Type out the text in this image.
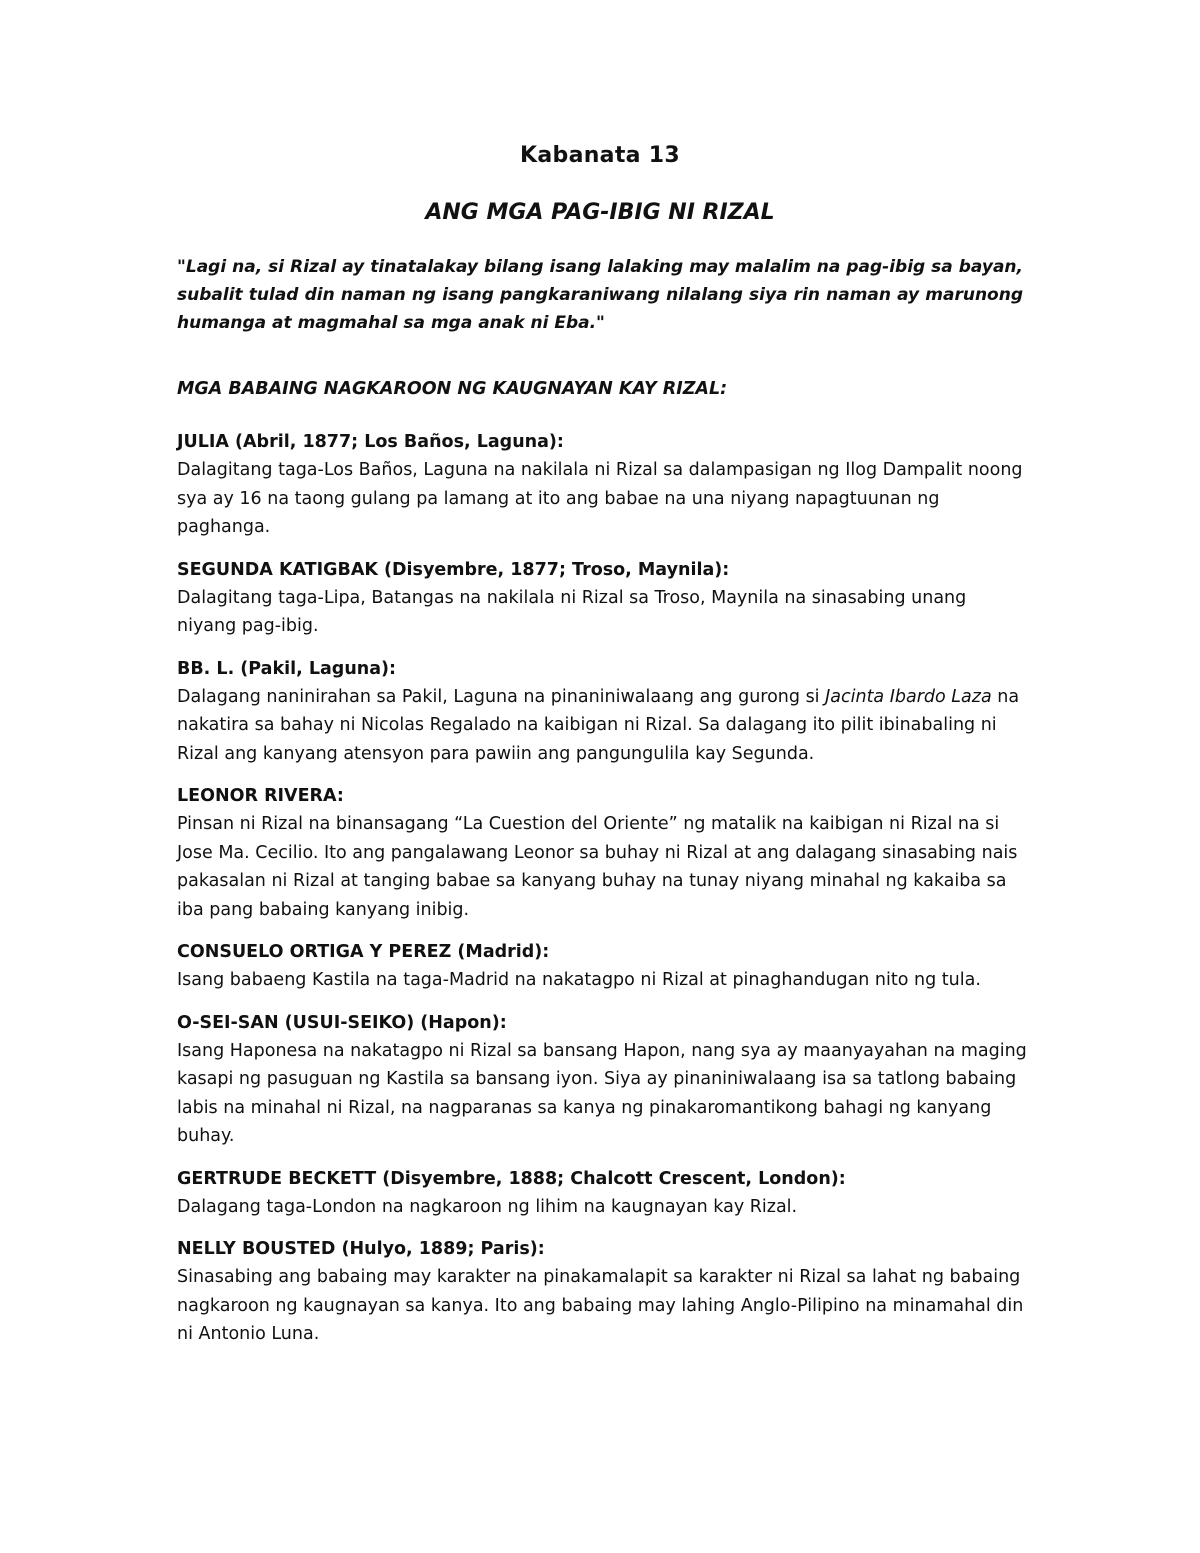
Kabanata 13
ANG MGA PAG-IBIG NI RIZAL

"Lagi na, si Rizal ay tinatalakay bilang isang lalaking may malalim na pag-ibig sa bayan, subalit tulad din naman ng isang pangkaraniwang nilalang siya rin naman ay marunong humanga at magmahal sa mga anak ni Eba."

MGA BABAING NAGKAROON NG KAUGNAYAN KAY RIZAL:

JULIA (Abril, 1877; Los Baños, Laguna):

Dalagitang taga-Los Baños, Laguna na nakilala ni Rizal sa dalampasigan ng Ilog Dampalit noong sya ay 16 na taong gulang pa lamang at ito ang babae na una niyang napagtuunan ng paghanga.

SEGUNDA KATIGBAK (Disyembre, 1877; Troso, Maynila):

Dalagitang taga-Lipa, Batangas na nakilala ni Rizal sa Troso, Maynila na sinasabing unang niyang pag-ibig.

BB. L. (Pakil, Laguna):

Dalagang naninirahan sa Pakil, Laguna na pinaniniwalaang ang gurong si Jacinta Ibardo Laza na nakatira sa bahay ni Nicolas Regalado na kaibigan ni Rizal. Sa dalagang ito pilit ibinabaling ni Rizal ang kanyang atensyon para pawiin ang pangungulila kay Segunda.

LEONOR RIVERA:

Pinsan ni Rizal na binansagang “La Cuestion del Oriente” ng matalik na kaibigan ni Rizal na si Jose Ma. Cecilio. Ito ang pangalawang Leonor sa buhay ni Rizal at ang dalagang sinasabing nais pakasalan ni Rizal at tanging babae sa kanyang buhay na tunay niyang minahal ng kakaiba sa iba pang babaing kanyang inibig.

CONSUELO ORTIGA Y PEREZ (Madrid):

Isang babaeng Kastila na taga-Madrid na nakatagpo ni Rizal at pinaghandugan nito ng tula.

O-SEI-SAN (USUI-SEIKO) (Hapon):

Isang Haponesa na nakatagpo ni Rizal sa bansang Hapon, nang sya ay maanyayahan na maging kasapi ng pasuguan ng Kastila sa bansang iyon. Siya ay pinaniniwalaang isa sa tatlong babaing labis na minahal ni Rizal, na nagparanas sa kanya ng pinakaromantikong bahagi ng kanyang buhay.

GERTRUDE BECKETT (Disyembre, 1888; Chalcott Crescent, London):

Dalagang taga-London na nagkaroon ng lihim na kaugnayan kay Rizal.

NELLY BOUSTED (Hulyo, 1889; Paris):

Sinasabing ang babaing may karakter na pinakamalapit sa karakter ni Rizal sa lahat ng babaing nagkaroon ng kaugnayan sa kanya. Ito ang babaing may lahing Anglo-Pilipino na minamahal din ni Antonio Luna.
